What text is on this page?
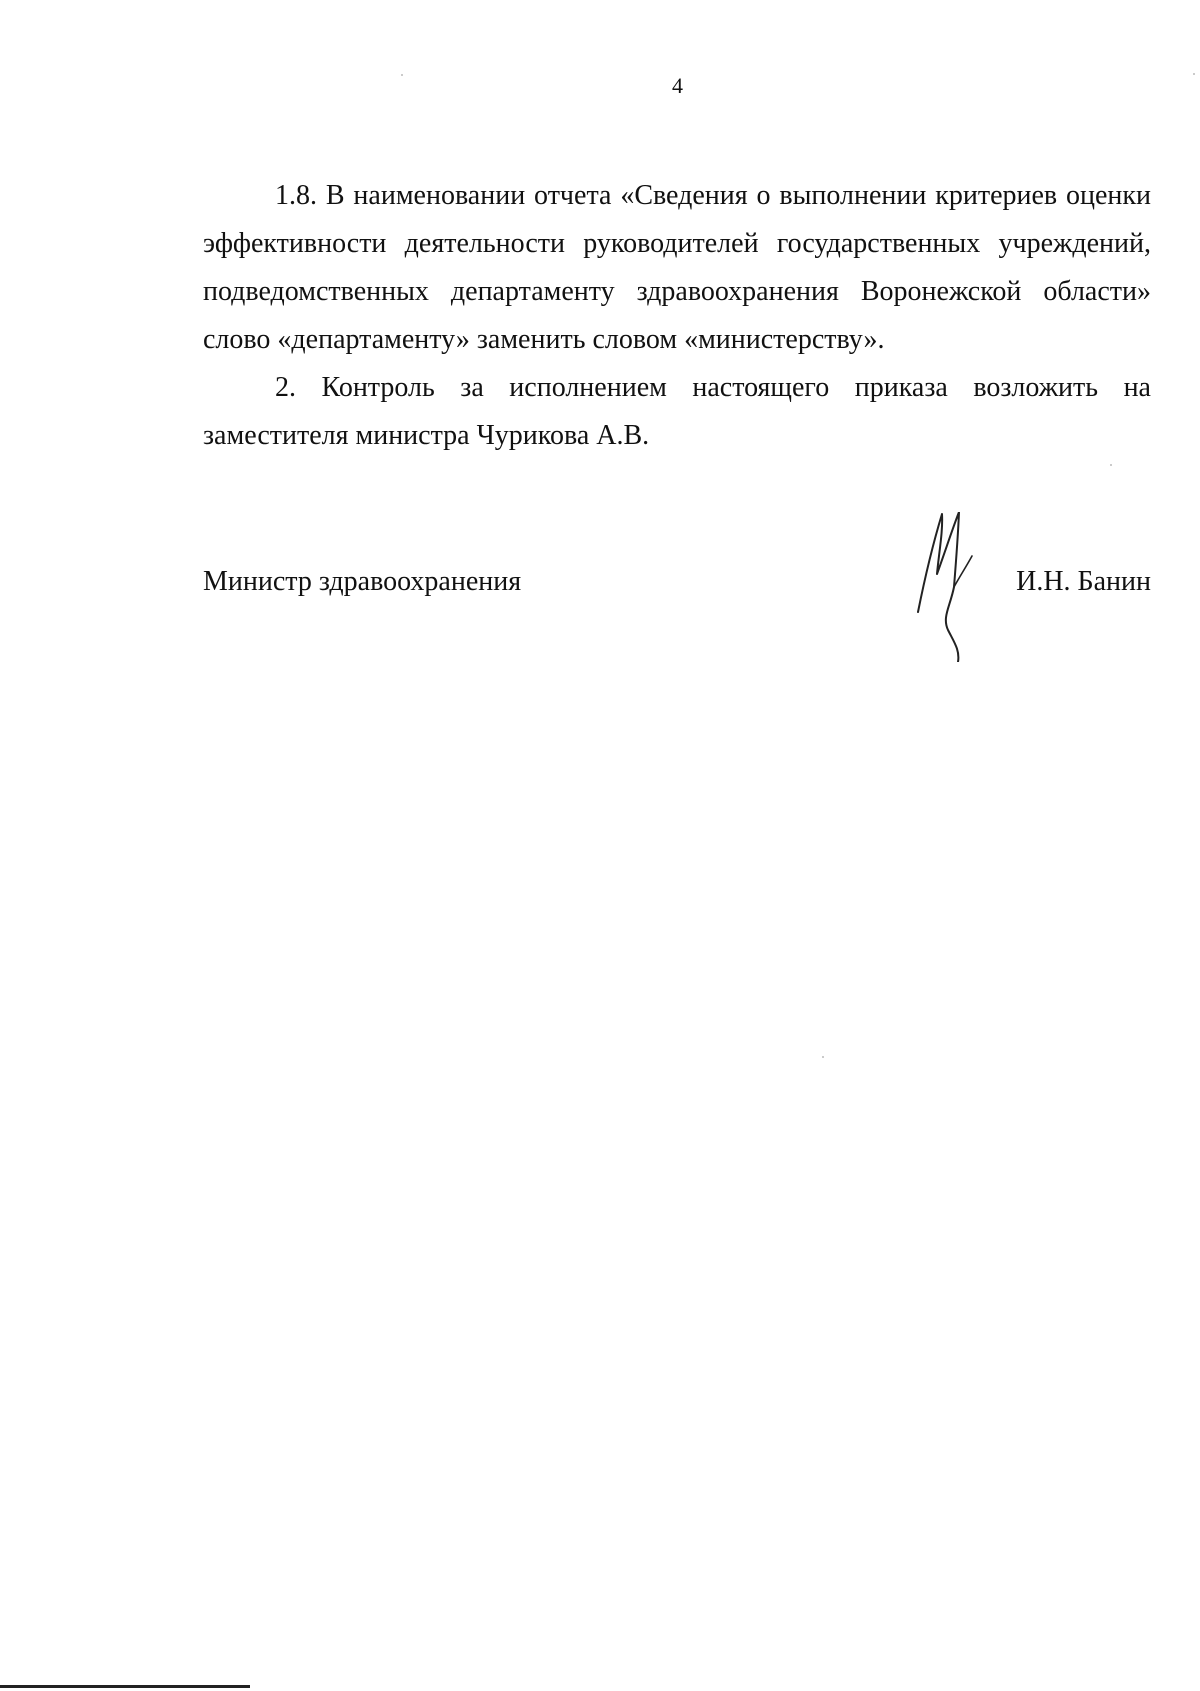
4

1.8. В наименовании отчета «Сведения о выполнении критериев оценки эффективности деятельности руководителей государственных учреждений, подведомственных департаменту здравоохранения Воронежской области» слово «департаменту» заменить словом «министерству».

2. Контроль за исполнением настоящего приказа возложить на заместителя министра Чурикова А.В.

Министр здравоохранения	И.Н. Банин
